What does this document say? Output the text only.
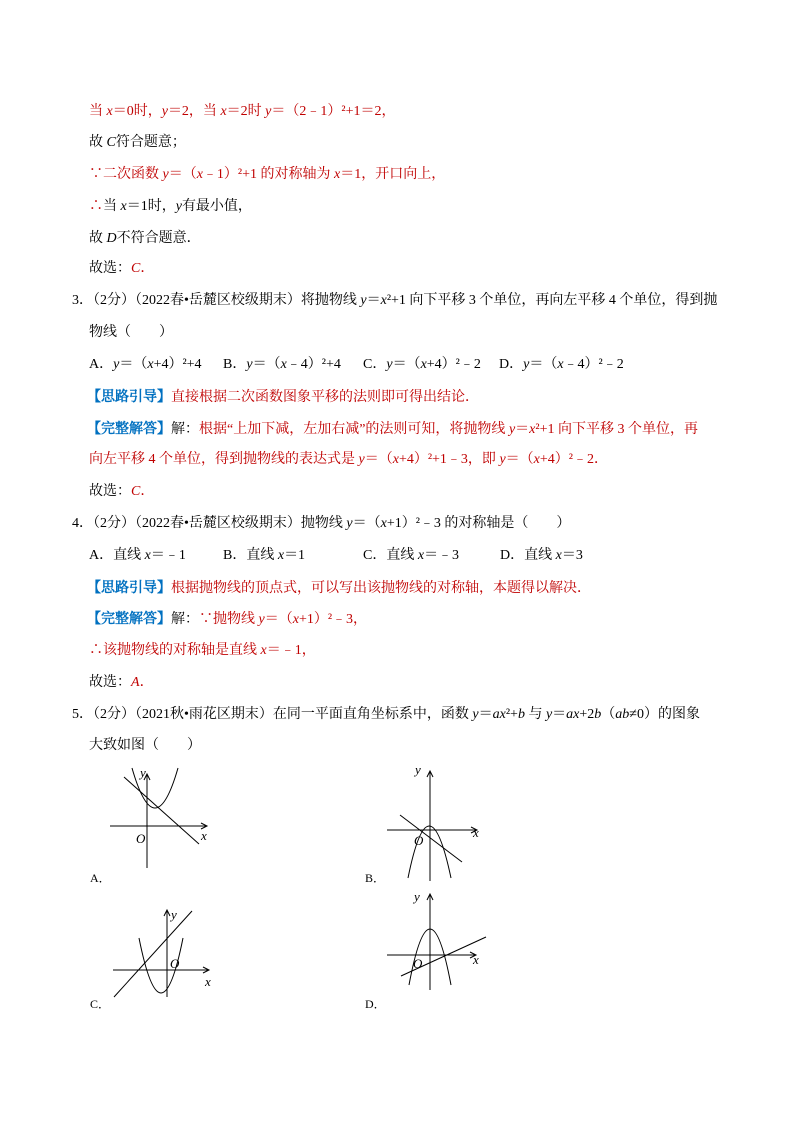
当 x＝0时，y＝2，当 x＝2时 y＝（2﹣1）²+1＝2，
故 C符合题意；
∵二次函数 y＝（x﹣1）²+1 的对称轴为 x＝1，开口向上，
∴当 x＝1时，y有最小值，
故 D不符合题意．
故选：C．
3．（2分）（2022春•岳麓区校级期末）将抛物线 y＝x²+1 向下平移 3 个单位，再向左平移 4 个单位，得到抛
物线（　　）
A．y＝（x+4）²+4 B．y＝（x﹣4）²+4 C．y＝（x+4）²﹣2 D．y＝（x﹣4）²﹣2
【思路引导】直接根据二次函数图象平移的法则即可得出结论．
【完整解答】解：根据“上加下减，左加右减”的法则可知，将抛物线 y＝x²+1 向下平移 3 个单位，再
向左平移 4 个单位，得到抛物线的表达式是 y＝（x+4）²+1﹣3，即 y＝（x+4）²﹣2．
故选：C．
4．（2分）（2022春•岳麓区校级期末）抛物线 y＝（x+1）²﹣3 的对称轴是（　　）
A．直线 x＝﹣1	B．直线 x＝1	C．直线 x＝﹣3	D．直线 x＝3
【思路引导】根据抛物线的顶点式，可以写出该抛物线的对称轴，本题得以解决．
【完整解答】解：∵抛物线 y＝（x+1）²﹣3，
∴该抛物线的对称轴是直线 x＝﹣1，
故选：A．
5．（2分）（2021秋•雨花区期末）在同一平面直角坐标系中，函数 y＝ax²+b 与 y＝ax+2b（ab≠0）的图象
大致如图（　　）
y
x
O
y
x
O
y
x
O
y
x
O
A．	B．
C．	D．
